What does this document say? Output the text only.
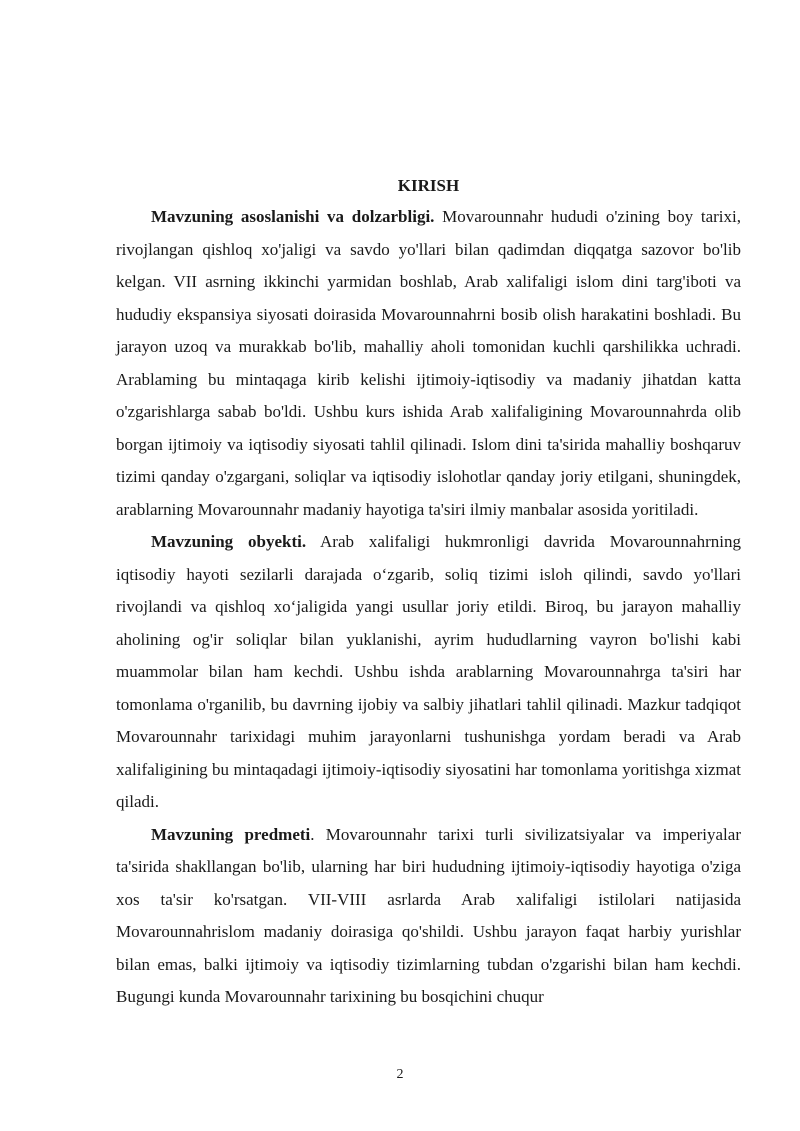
KIRISH

Mavzuning asoslanishi va dolzarbligi. Movarounnahr hududi o'zining boy tarixi, rivojlangan qishloq xo'jaligi va savdo yo'llari bilan qadimdan diqqatga sazovor bo'lib kelgan. VII asrning ikkinchi yarmidan boshlab, Arab xalifaligi islom dini targ'iboti va hududiy ekspansiya siyosati doirasida Movarounnahrni bosib olish harakatini boshladi. Bu jarayon uzoq va murakkab bo'lib, mahalliy aholi tomonidan kuchli qarshilikka uchradi. Arablaming bu mintaqaga kirib kelishi ijtimoiy-iqtisodiy va madaniy jihatdan katta o'zgarishlarga sabab bo'ldi. Ushbu kurs ishida Arab xalifaligining Movarounnahrda olib borgan ijtimoiy va iqtisodiy siyosati tahlil qilinadi. Islom dini ta'sirida mahalliy boshqaruv tizimi qanday o'zgargani, soliqlar va iqtisodiy islohotlar qanday joriy etilgani, shuningdek, arablarning Movarounnahr madaniy hayotiga ta'siri ilmiy manbalar asosida yoritiladi.

Mavzuning obyekti. Arab xalifaligi hukmronligi davrida Movarounnahrning iqtisodiy hayoti sezilarli darajada o‘zgarib, soliq tizimi isloh qilindi, savdo yo'llari rivojlandi va qishloq xo‘jaligida yangi usullar joriy etildi. Biroq, bu jarayon mahalliy aholining og'ir soliqlar bilan yuklanishi, ayrim hududlarning vayron bo'lishi kabi muammolar bilan ham kechdi. Ushbu ishda arablarning Movarounnahrga ta'siri har tomonlama o'rganilib, bu davrning ijobiy va salbiy jihatlari tahlil qilinadi. Mazkur tadqiqot Movarounnahr tarixidagi muhim jarayonlarni tushunishga yordam beradi va Arab xalifaligining bu mintaqadagi ijtimoiy-iqtisodiy siyosatini har tomonlama yoritishga xizmat qiladi.

Mavzuning predmeti. Movarounnahr tarixi turli sivilizatsiyalar va imperiyalar ta'sirida shakllangan bo'lib, ularning har biri hududning ijtimoiy-iqtisodiy hayotiga o'ziga xos ta'sir ko'rsatgan. VII-VIII asrlarda Arab xalifaligi istilolari natijasida Movarounnahrislom madaniy doirasiga qo'shildi. Ushbu jarayon faqat harbiy yurishlar bilan emas, balki ijtimoiy va iqtisodiy tizimlarning tubdan o'zgarishi bilan ham kechdi. Bugungi kunda Movarounnahr tarixining bu bosqichini chuqur

2
